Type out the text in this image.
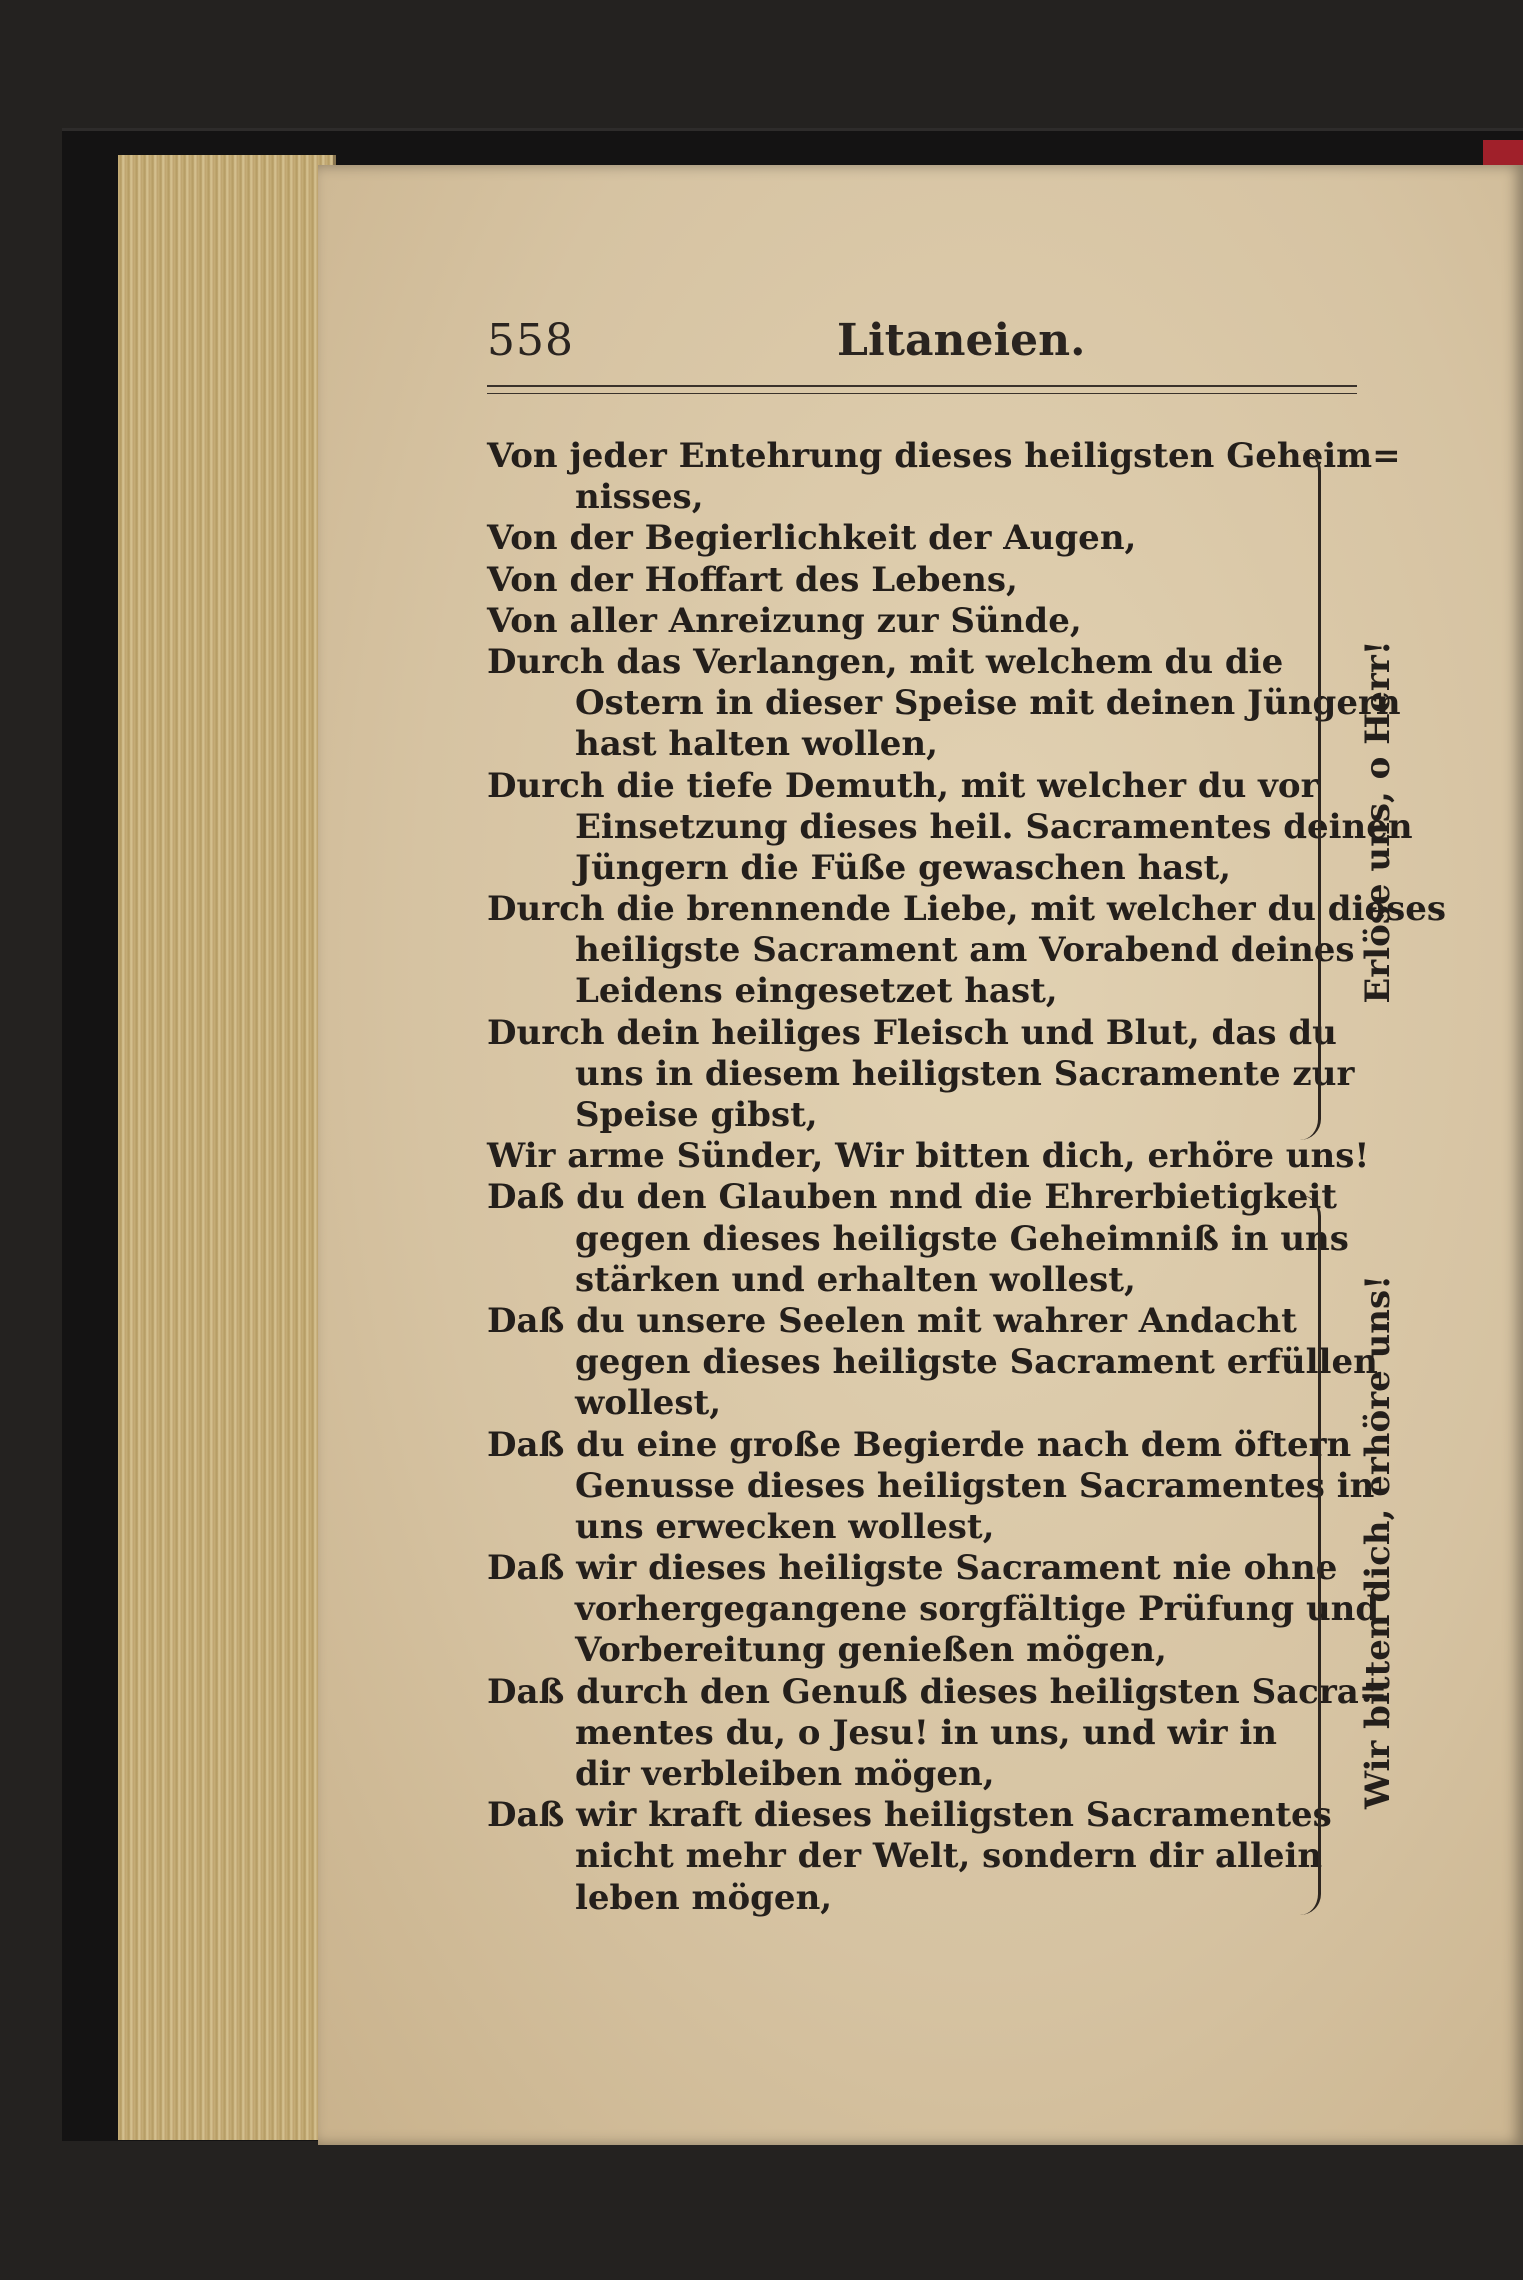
558	Litaneien.
Von jeder Entehrung dieses heiligsten Geheim=
nisses,
Von der Begierlichkeit der Augen,
Von der Hoffart des Lebens,
Von aller Anreizung zur Sünde,
Durch das Verlangen, mit welchem du die
Ostern in dieser Speise mit deinen Jüngern
hast halten wollen,
Durch die tiefe Demuth, mit welcher du vor
Einsetzung dieses heil. Sacramentes deinen
Jüngern die Füße gewaschen hast,
Durch die brennende Liebe, mit welcher du dieses
heiligste Sacrament am Vorabend deines
Leidens eingesetzet hast,
Durch dein heiliges Fleisch und Blut, das du
uns in diesem heiligsten Sacramente zur
Speise gibst,
Wir arme Sünder, Wir bitten dich, erhöre uns!
Daß du den Glauben nnd die Ehrerbietigkeit
gegen dieses heiligste Geheimniß in uns
stärken und erhalten wollest,
Daß du unsere Seelen mit wahrer Andacht
gegen dieses heiligste Sacrament erfüllen
wollest,
Daß du eine große Begierde nach dem öftern
Genusse dieses heiligsten Sacramentes in
uns erwecken wollest,
Daß wir dieses heiligste Sacrament nie ohne
vorhergegangene sorgfältige Prüfung und
Vorbereitung genießen mögen,
Daß durch den Genuß dieses heiligsten Sacra=
mentes du, o Jesu! in uns, und wir in
dir verbleiben mögen,
Daß wir kraft dieses heiligsten Sacramentes
nicht mehr der Welt, sondern dir allein
leben mögen,
Erlöse uns, o Herr!
Wir bitten dich, erhöre uns!
